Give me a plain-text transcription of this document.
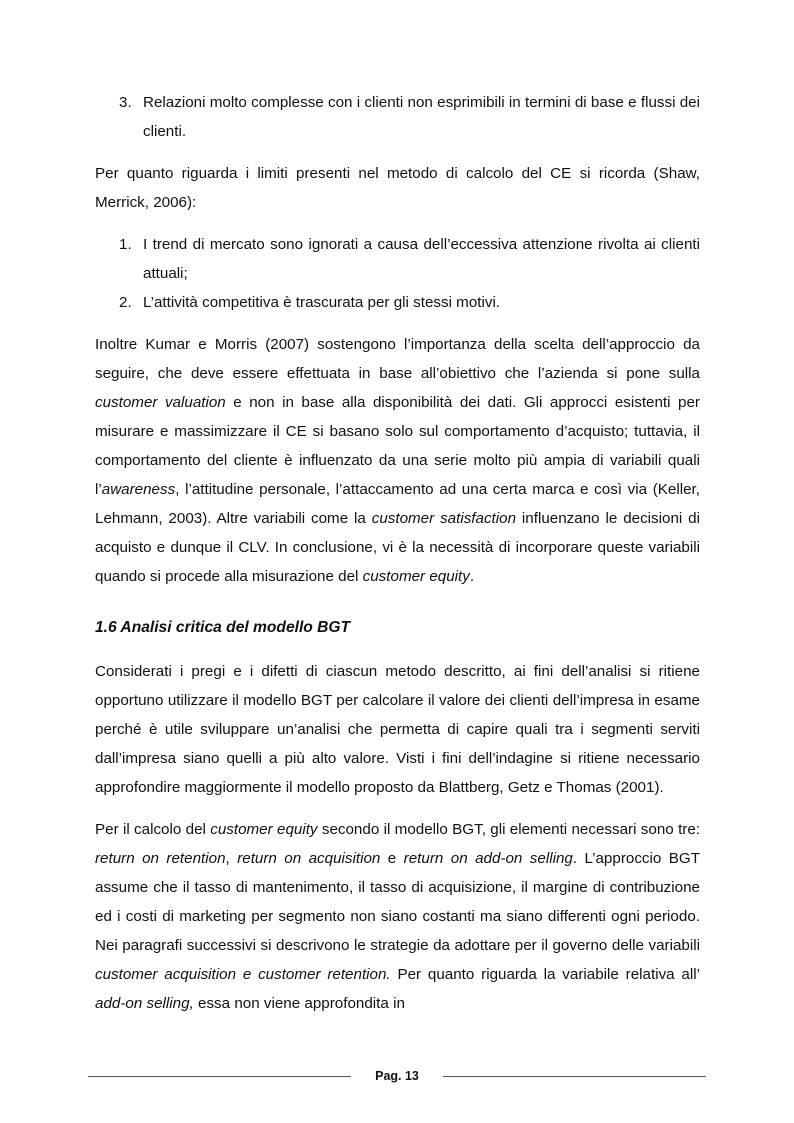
3. Relazioni molto complesse con i clienti non esprimibili in termini di base e flussi dei clienti.

Per quanto riguarda i limiti presenti nel metodo di calcolo del CE si ricorda (Shaw, Merrick, 2006):

1. I trend di mercato sono ignorati a causa dell’eccessiva attenzione rivolta ai clienti attuali;
2. L’attività competitiva è trascurata per gli stessi motivi.

Inoltre Kumar e Morris (2007) sostengono l’importanza della scelta dell’approccio da seguire, che deve essere effettuata in base all’obiettivo che l’azienda si pone sulla customer valuation e non in base alla disponibilità dei dati. Gli approcci esistenti per misurare e massimizzare il CE si basano solo sul comportamento d’acquisto; tuttavia, il comportamento del cliente è influenzato da una serie molto più ampia di variabili quali l’awareness, l’attitudine personale, l’attaccamento ad una certa marca e così via (Keller, Lehmann, 2003). Altre variabili come la customer satisfaction influenzano le decisioni di acquisto e dunque il CLV. In conclusione, vi è la necessità di incorporare queste variabili quando si procede alla misurazione del customer equity.

1.6 Analisi critica del modello BGT

Considerati i pregi e i difetti di ciascun metodo descritto, ai fini dell’analisi si ritiene opportuno utilizzare il modello BGT per calcolare il valore dei clienti dell’impresa in esame perché è utile sviluppare un’analisi che permetta di capire quali tra i segmenti serviti dall’impresa siano quelli a più alto valore. Visti i fini dell’indagine si ritiene necessario approfondire maggiormente il modello proposto da Blattberg, Getz e Thomas (2001).

Per il calcolo del customer equity secondo il modello BGT, gli elementi necessari sono tre: return on retention, return on acquisition e return on add-on selling. L’approccio BGT assume che il tasso di mantenimento, il tasso di acquisizione, il margine di contribuzione ed i costi di marketing per segmento non siano costanti ma siano differenti ogni periodo. Nei paragrafi successivi si descrivono le strategie da adottare per il governo delle variabili customer acquisition e customer retention. Per quanto riguarda la variabile relativa all’ add-on selling, essa non viene approfondita in

Pag. 13
